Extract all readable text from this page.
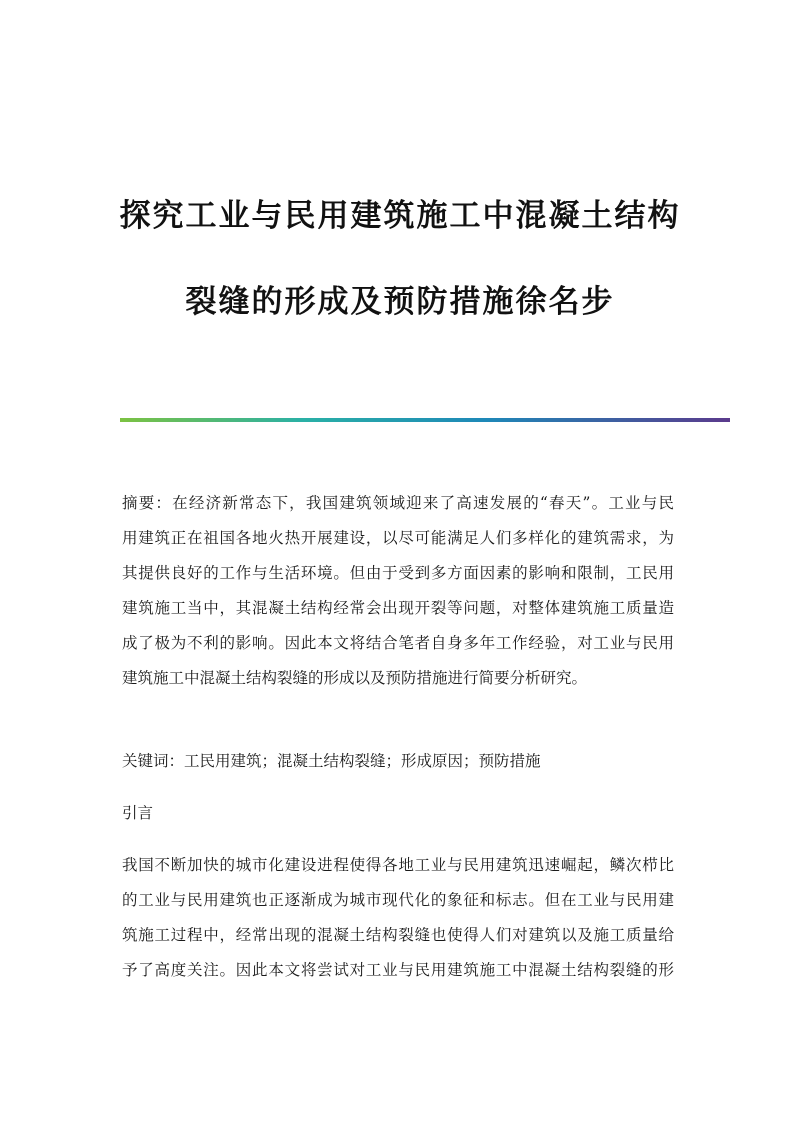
探究工业与民用建筑施工中混凝土结构
裂缝的形成及预防措施徐名步
摘要：在经济新常态下，我国建筑领域迎来了高速发展的“春天”。工业与民
用建筑正在祖国各地火热开展建设，以尽可能满足人们多样化的建筑需求，为
其提供良好的工作与生活环境。但由于受到多方面因素的影响和限制，工民用
建筑施工当中，其混凝土结构经常会出现开裂等问题，对整体建筑施工质量造
成了极为不利的影响。因此本文将结合笔者自身多年工作经验，对工业与民用
建筑施工中混凝土结构裂缝的形成以及预防措施进行简要分析研究。
关键词：工民用建筑；混凝土结构裂缝；形成原因；预防措施
引言
我国不断加快的城市化建设进程使得各地工业与民用建筑迅速崛起，鳞次栉比
的工业与民用建筑也正逐渐成为城市现代化的象征和标志。但在工业与民用建
筑施工过程中，经常出现的混凝土结构裂缝也使得人们对建筑以及施工质量给
予了高度关注。因此本文将尝试对工业与民用建筑施工中混凝土结构裂缝的形
